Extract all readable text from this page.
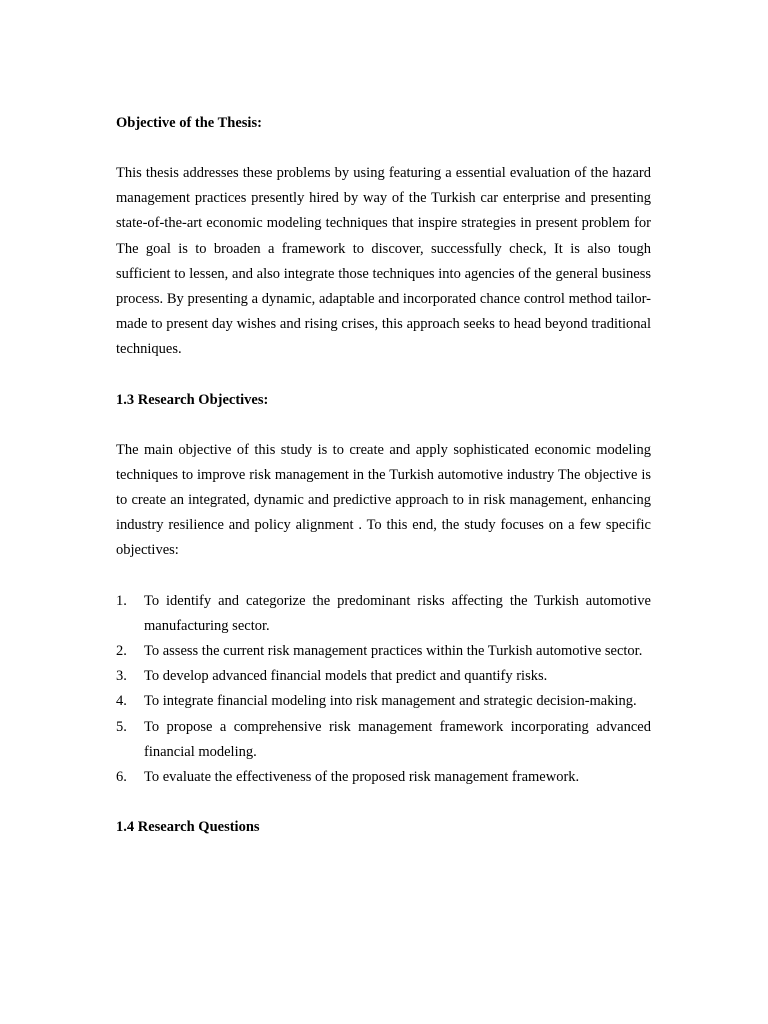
Objective of the Thesis:

This thesis addresses these problems by using featuring a essential evaluation of the hazard management practices presently hired by way of the Turkish car enterprise and presenting state-of-the-art economic modeling techniques that inspire strategies in present problem for The goal is to broaden a framework to discover, successfully check, It is also tough sufficient to lessen, and also integrate those techniques into agencies of the general business process. By presenting a dynamic, adaptable and incorporated chance control method tailor-made to present day wishes and rising crises, this approach seeks to head beyond traditional techniques.

1.3 Research Objectives:

The main objective of this study is to create and apply sophisticated economic modeling techniques to improve risk management in the Turkish automotive industry The objective is to create an integrated, dynamic and predictive approach to in risk management, enhancing industry resilience and policy alignment . To this end, the study focuses on a few specific objectives:

1. To identify and categorize the predominant risks affecting the Turkish automotive manufacturing sector.
2. To assess the current risk management practices within the Turkish automotive sector.
3. To develop advanced financial models that predict and quantify risks.
4. To integrate financial modeling into risk management and strategic decision-making.
5. To propose a comprehensive risk management framework incorporating advanced financial modeling.
6. To evaluate the effectiveness of the proposed risk management framework.

1.4 Research Questions
